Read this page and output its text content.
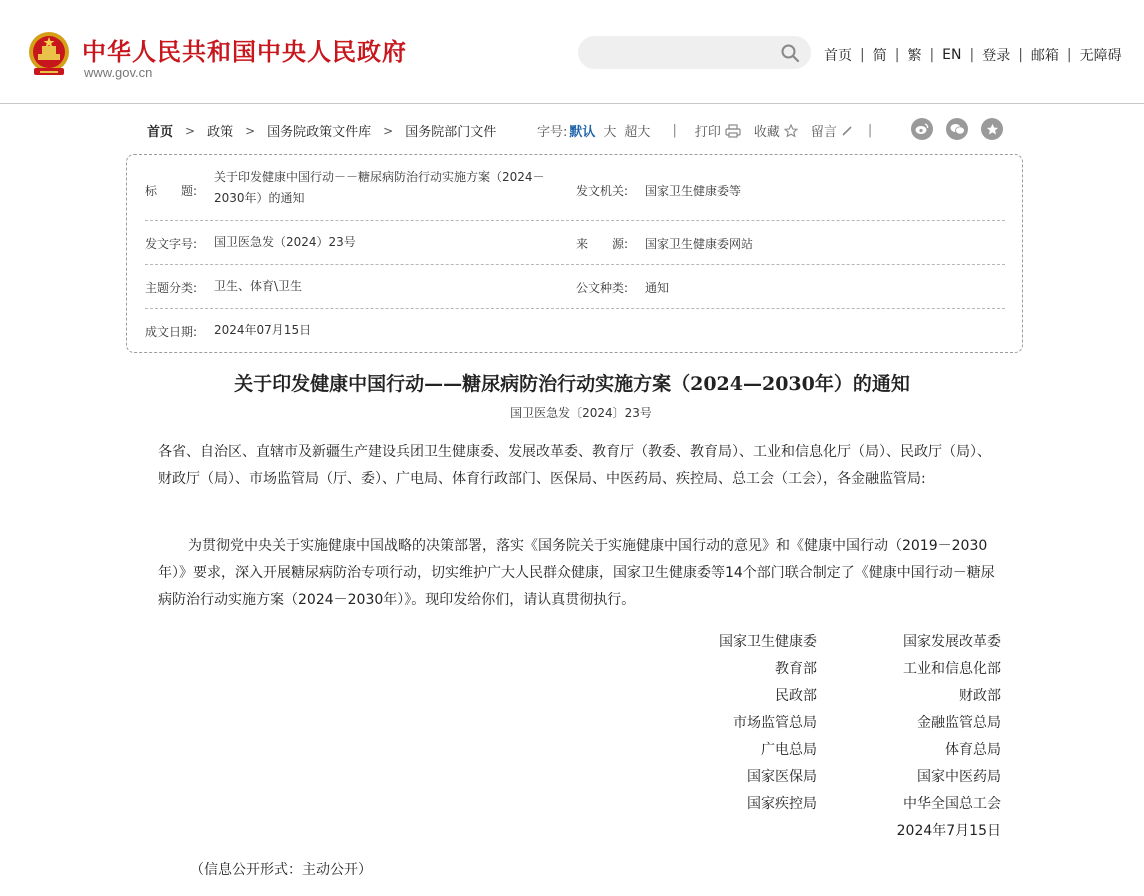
中华人民共和国中央人民政府
www.gov.cn
首页 | 简 | 繁 | EN | 登录 | 邮箱 | 无障碍
首页 > 政策 > 国务院政策文件库 > 国务院部门文件	字号: 默认 大 超大 | 打印	收藏 留言 |
标　　题:
关于印发健康中国行动－－糖尿病防治行动实施方案（2024－
2030年）的通知	发文机关: 国家卫生健康委等
发文字号: 国卫医急发（2024）23号	来　　源: 国家卫生健康委网站
主题分类: 卫生、体育\卫生	公文种类: 通知
成文日期: 2024年07月15日
关于印发健康中国行动——糖尿病防治行动实施方案（2024—2030年）的通知
国卫医急发〔2024〕23号
各省、自治区、直辖市及新疆生产建设兵团卫生健康委、发展改革委、教育厅（教委、教育局）、工业和信息化厅（局）、民政厅（局）、财政厅（局）、市场监管局（厅、委）、广电局、体育行政部门、医保局、中医药局、疾控局、总工会（工会），各金融监管局:
为贯彻党中央关于实施健康中国战略的决策部署，落实《国务院关于实施健康中国行动的意见》和《健康中国行动（2019－2030年）》要求，深入开展糖尿病防治专项行动，切实维护广大人民群众健康，国家卫生健康委等14个部门联合制定了《健康中国行动－糖尿病防治行动实施方案（2024－2030年）》。现印发给你们，请认真贯彻执行。
国家卫生健康委	国家发展改革委
教育部	工业和信息化部
民政部	财政部
市场监管总局	金融监管总局
广电总局	体育总局
国家医保局	国家中医药局
国家疾控局	中华全国总工会
2024年7月15日
（信息公开形式：主动公开）
